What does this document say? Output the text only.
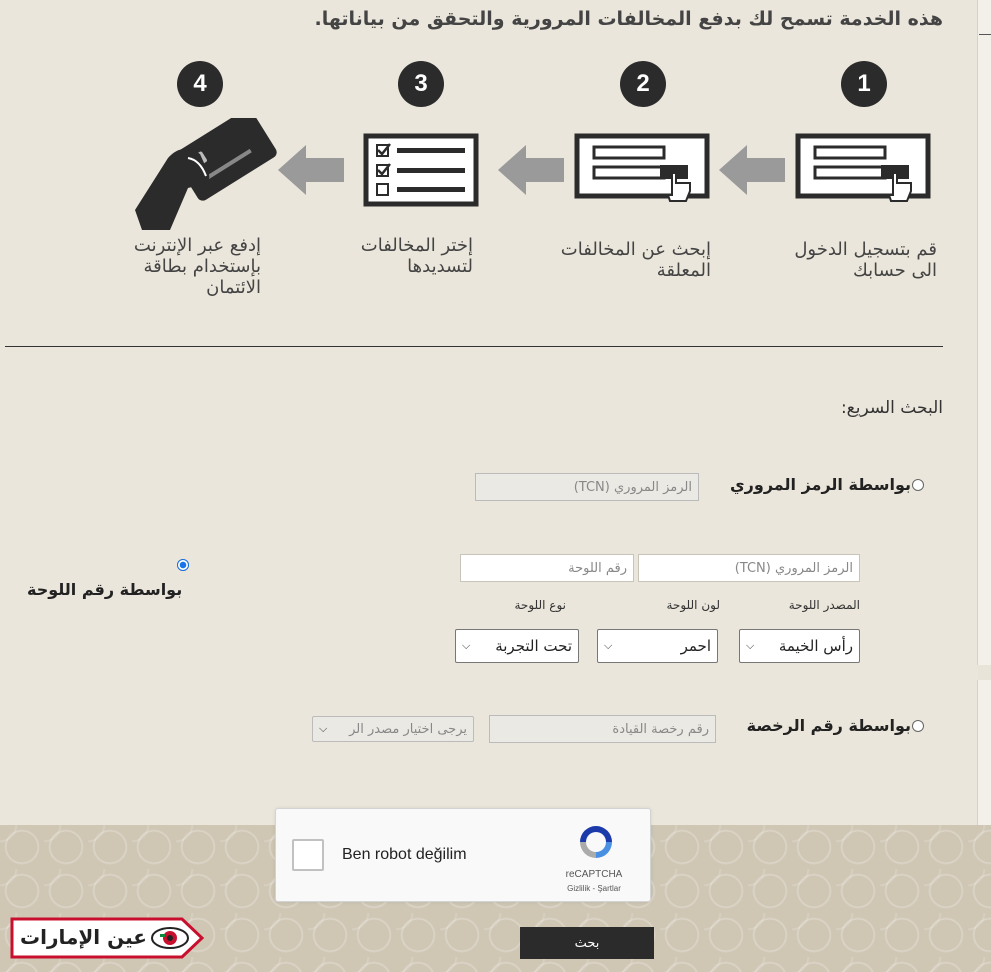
هذه الخدمة تسمح لك بدفع المخالفات المرورية والتحقق من بياناتها.
1
قم بتسجيل الدخول
الى حسابك
2
إبحث عن المخالفات
المعلقة
3
إختر المخالفات
لتسديدها
4
إدفع عبر الإنترنت
بإستخدام بطاقة
الائتمان
البحث السريع:
بواسطة الرمز المروري
الرمز المروري (TCN)
بواسطة رقم اللوحة
الرمز المروري (TCN)
رقم اللوحة
المصدر اللوحة
لون اللوحة
نوع اللوحة
رأس الخيمة
⌵
احمر
⌵
تحت التجربة
⌵
بواسطة رقم الرخصة
رقم رخصة القيادة
يرجى اختيار مصدر الر
⌵
Ben robot değilim
reCAPTCHA
Gizlilik - Şartlar
بحث
عين الإمارات
